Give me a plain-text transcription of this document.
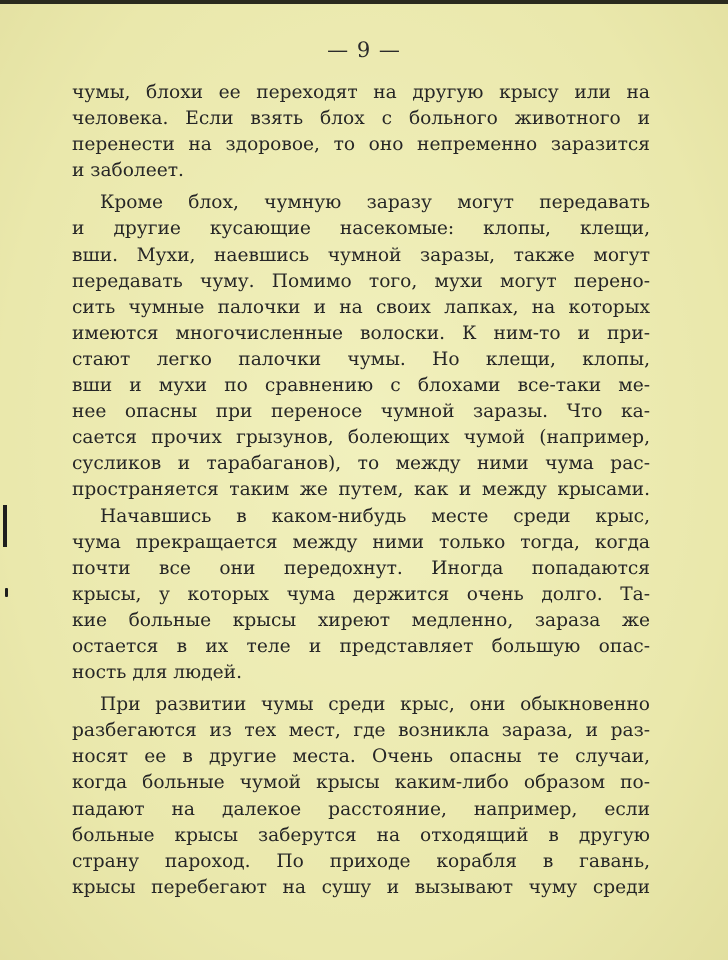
— 9 —
чумы, блохи ее переходят на другую крысу или на
человека. Если взять блох с больного животного и
перенести на здоровое, то оно непременно заразится
и заболеет.
Кроме блох, чумную заразу могут передавать
и другие кусающие насекомые: клопы, клещи,
вши. Мухи, наевшись чумной заразы, также могут
передавать чуму. Помимо того, мухи могут перено-
сить чумные палочки и на своих лапках, на которых
имеются многочисленные волоски. К ним-то и при-
стают легко палочки чумы. Но клещи, клопы,
вши и мухи по сравнению с блохами все-таки ме-
нее опасны при переносе чумной заразы. Что ка-
сается прочих грызунов, болеющих чумой (например,
сусликов и тарабаганов), то между ними чума рас-
пространяется таким же путем, как и между крысами.
Начавшись в каком-нибудь месте среди крыс,
чума прекращается между ними только тогда, когда
почти все они передохнут. Иногда попадаются
крысы, у которых чума держится очень долго. Та-
кие больные крысы хиреют медленно, зараза же
остается в их теле и представляет большую опас-
ность для людей.
При развитии чумы среди крыс, они обыкновенно
разбегаются из тех мест, где возникла зараза, и раз-
носят ее в другие места. Очень опасны те случаи,
когда больные чумой крысы каким-либо образом по-
падают на далекое расстояние, например, если
больные крысы заберутся на отходящий в другую
страну пароход. По приходе корабля в гавань,
крысы перебегают на сушу и вызывают чуму среди
